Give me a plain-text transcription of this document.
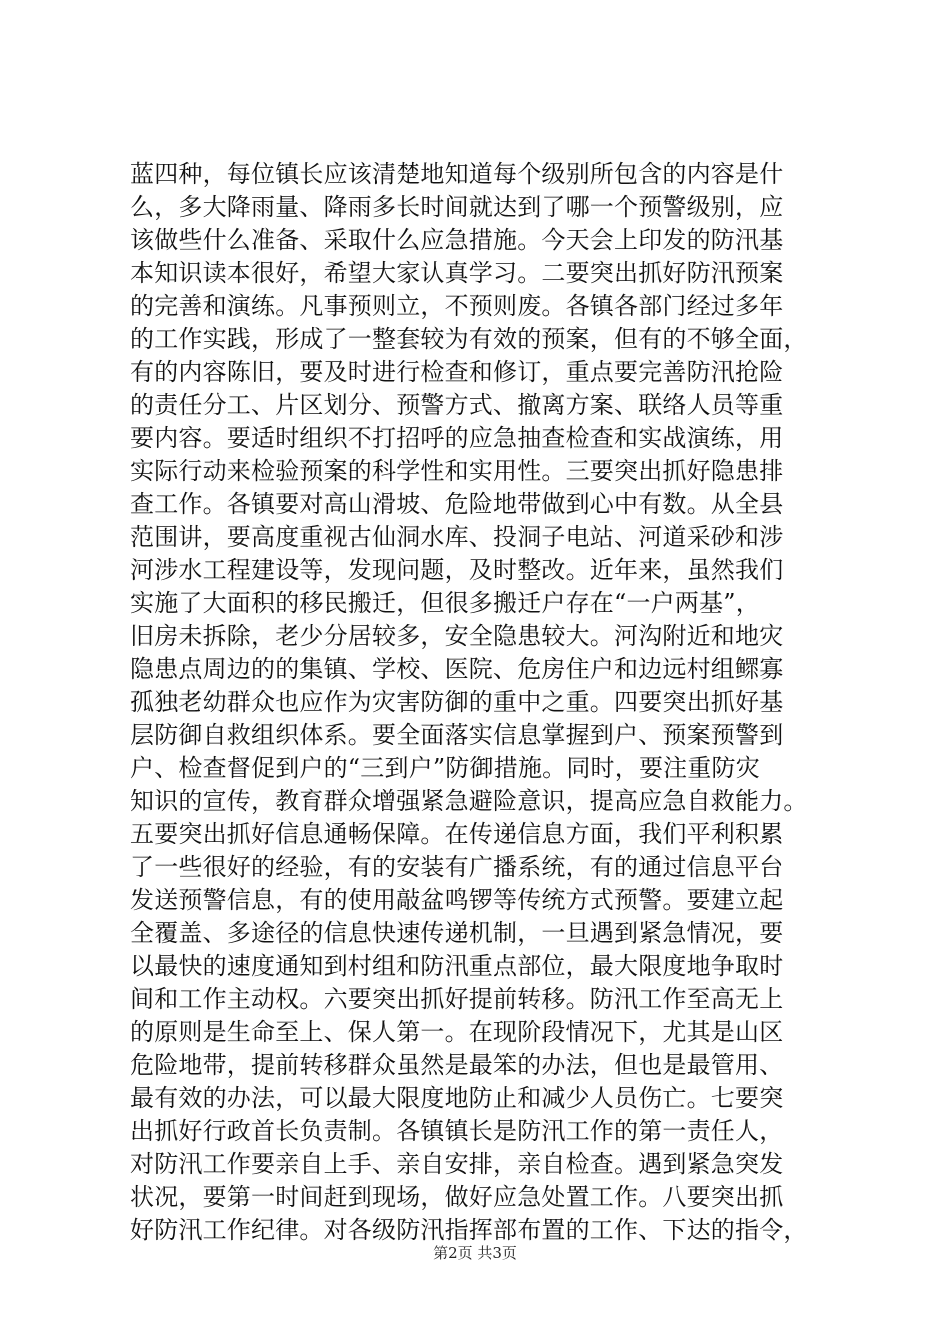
蓝四种，每位镇长应该清楚地知道每个级别所包含的内容是什
么，多大降雨量、降雨多长时间就达到了哪一个预警级别，应
该做些什么准备、采取什么应急措施。今天会上印发的防汛基
本知识读本很好，希望大家认真学习。二要突出抓好防汛预案
的完善和演练。凡事预则立，不预则废。各镇各部门经过多年
的工作实践，形成了一整套较为有效的预案，但有的不够全面，
有的内容陈旧，要及时进行检查和修订，重点要完善防汛抢险
的责任分工、片区划分、预警方式、撤离方案、联络人员等重
要内容。要适时组织不打招呼的应急抽查检查和实战演练，用
实际行动来检验预案的科学性和实用性。三要突出抓好隐患排
查工作。各镇要对高山滑坡、危险地带做到心中有数。从全县
范围讲，要高度重视古仙洞水库、投洞子电站、河道采砂和涉
河涉水工程建设等，发现问题，及时整改。近年来，虽然我们
实施了大面积的移民搬迁，但很多搬迁户存在“一户两基”，
旧房未拆除，老少分居较多，安全隐患较大。河沟附近和地灾
隐患点周边的的集镇、学校、医院、危房住户和边远村组鳏寡
孤独老幼群众也应作为灾害防御的重中之重。四要突出抓好基
层防御自救组织体系。要全面落实信息掌握到户、预案预警到
户、检查督促到户的“三到户”防御措施。同时，要注重防灾
知识的宣传，教育群众增强紧急避险意识，提高应急自救能力。
五要突出抓好信息通畅保障。在传递信息方面，我们平利积累
了一些很好的经验，有的安装有广播系统，有的通过信息平台
发送预警信息，有的使用敲盆鸣锣等传统方式预警。要建立起
全覆盖、多途径的信息快速传递机制，一旦遇到紧急情况，要
以最快的速度通知到村组和防汛重点部位，最大限度地争取时
间和工作主动权。六要突出抓好提前转移。防汛工作至高无上
的原则是生命至上、保人第一。在现阶段情况下，尤其是山区
危险地带，提前转移群众虽然是最笨的办法，但也是最管用、
最有效的办法，可以最大限度地防止和减少人员伤亡。七要突
出抓好行政首长负责制。各镇镇长是防汛工作的第一责任人，
对防汛工作要亲自上手、亲自安排，亲自检查。遇到紧急突发
状况，要第一时间赶到现场，做好应急处置工作。八要突出抓
好防汛工作纪律。对各级防汛指挥部布置的工作、下达的指令，
第2页 共3页
